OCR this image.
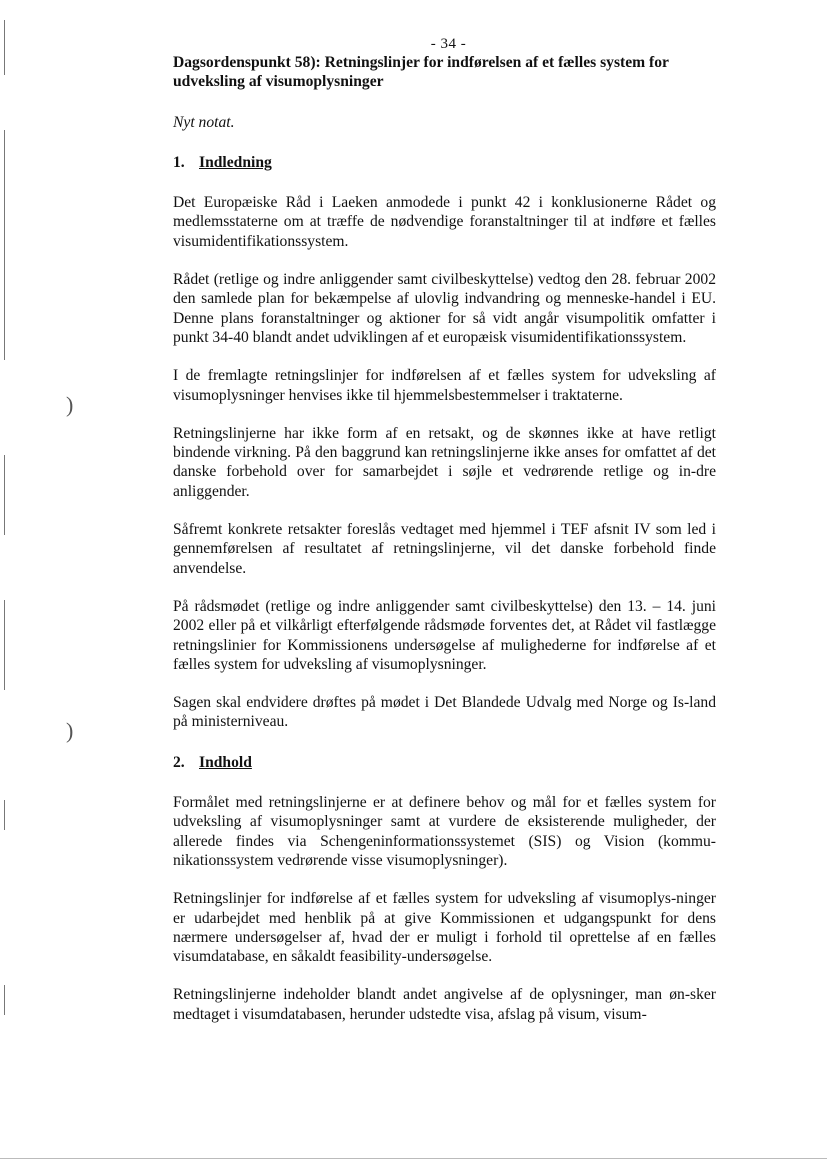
)
)
- 34 -

Dagsordenspunkt 58): Retningslinjer for indførelsen af et fælles system for udveksling af visumoplysninger

Nyt notat.

1. Indledning

Det Europæiske Råd i Laeken anmodede i punkt 42 i konklusionerne Rådet og medlemsstaterne om at træffe de nødvendige foranstaltninger til at indføre et fælles visumidentifikationssystem.

Rådet (retlige og indre anliggender samt civilbeskyttelse) vedtog den 28. februar 2002 den samlede plan for bekæmpelse af ulovlig indvandring og menneske-handel i EU. Denne plans foranstaltninger og aktioner for så vidt angår visumpolitik omfatter i punkt 34-40 blandt andet udviklingen af et europæisk visumidentifikationssystem.

I de fremlagte retningslinjer for indførelsen af et fælles system for udveksling af visumoplysninger henvises ikke til hjemmelsbestemmelser i traktaterne.

Retningslinjerne har ikke form af en retsakt, og de skønnes ikke at have retligt bindende virkning. På den baggrund kan retningslinjerne ikke anses for omfattet af det danske forbehold over for samarbejdet i søjle et vedrørende retlige og in-dre anliggender.

Såfremt konkrete retsakter foreslås vedtaget med hjemmel i TEF afsnit IV som led i gennemførelsen af resultatet af retningslinjerne, vil det danske forbehold finde anvendelse.

På rådsmødet (retlige og indre anliggender samt civilbeskyttelse) den 13. – 14. juni 2002 eller på et vilkårligt efterfølgende rådsmøde forventes det, at Rådet vil fastlægge retningslinier for Kommissionens undersøgelse af mulighederne for indførelse af et fælles system for udveksling af visumoplysninger.

Sagen skal endvidere drøftes på mødet i Det Blandede Udvalg med Norge og Is-land på ministerniveau.

2. Indhold

Formålet med retningslinjerne er at definere behov og mål for et fælles system for udveksling af visumoplysninger samt at vurdere de eksisterende muligheder, der allerede findes via Schengeninformationssystemet (SIS) og Vision (kommu-nikationssystem vedrørende visse visumoplysninger).

Retningslinjer for indførelse af et fælles system for udveksling af visumoplys-ninger er udarbejdet med henblik på at give Kommissionen et udgangspunkt for dens nærmere undersøgelser af, hvad der er muligt i forhold til oprettelse af en fælles visumdatabase, en såkaldt feasibility-undersøgelse.

Retningslinjerne indeholder blandt andet angivelse af de oplysninger, man øn-sker medtaget i visumdatabasen, herunder udstedte visa, afslag på visum, visum-
